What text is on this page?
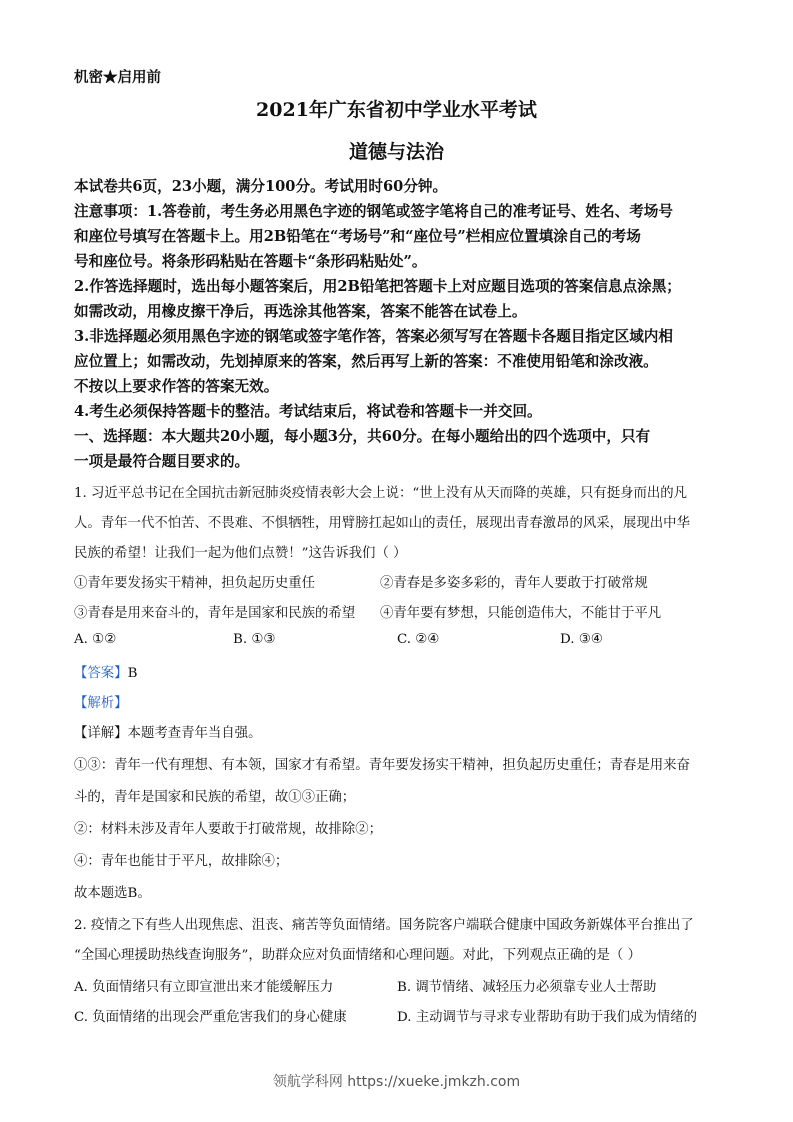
机密★启用前
2021年广东省初中学业水平考试
道德与法治
本试卷共6页，23小题，满分100分。考试用时60分钟。
注意事项：1.答卷前，考生务必用黑色字迹的钢笔或签字笔将自己的准考证号、姓名、考场号
和座位号填写在答题卡上。用2B铅笔在“考场号”和“座位号”栏相应位置填涂自己的考场
号和座位号。将条形码粘贴在答题卡“条形码粘贴处”。
2.作答选择题时，选出每小题答案后，用2B铅笔把答题卡上对应题目选项的答案信息点涂黑；
如需改动，用橡皮擦干净后，再选涂其他答案，答案不能答在试卷上。
3.非选择题必须用黑色字迹的钢笔或签字笔作答，答案必须写写在答题卡各题目指定区域内相
应位置上；如需改动，先划掉原来的答案，然后再写上新的答案：不准使用铅笔和涂改液。
不按以上要求作答的答案无效。
4.考生必须保持答题卡的整洁。考试结束后，将试卷和答题卡一并交回。
一、选择题：本大题共20小题，每小题3分，共60分。在每小题给出的四个选项中，只有
一项是最符合题目要求的。
1. 习近平总书记在全国抗击新冠肺炎疫情表彰大会上说：“世上没有从天而降的英雄，只有挺身而出的凡
人。青年一代不怕苦、不畏难、不惧牺牲，用臂膀扛起如山的责任，展现出青春激昂的风采，展现出中华
民族的希望！让我们一起为他们点赞！”这告诉我们（ ）
①青年要发扬实干精神，担负起历史重任	②青春是多姿多彩的，青年人要敢于打破常规
③青春是用来奋斗的，青年是国家和民族的希望 ④青年要有梦想，只能创造伟大，不能甘于平凡
A. ①②	B. ①③	C. ②④	D. ③④
【答案】B
【解析】
【详解】本题考查青年当自强。
①③：青年一代有理想、有本领，国家才有希望。青年要发扬实干精神，担负起历史重任；青春是用来奋
斗的，青年是国家和民族的希望，故①③正确；
②：材料未涉及青年人要敢于打破常规，故排除②；
④：青年也能甘于平凡，故排除④；
故本题选B。
2. 疫情之下有些人出现焦虑、沮丧、痛苦等负面情绪。国务院客户端联合健康中国政务新媒体平台推出了
“全国心理援助热线查询服务”，助群众应对负面情绪和心理问题。对此，下列观点正确的是（ ）
A. 负面情绪只有立即宣泄出来才能缓解压力	B. 调节情绪、减轻压力必须靠专业人士帮助
C. 负面情绪的出现会严重危害我们的身心健康	D. 主动调节与寻求专业帮助有助于我们成为情绪的
领航学科网 https://xueke.jmkzh.com
